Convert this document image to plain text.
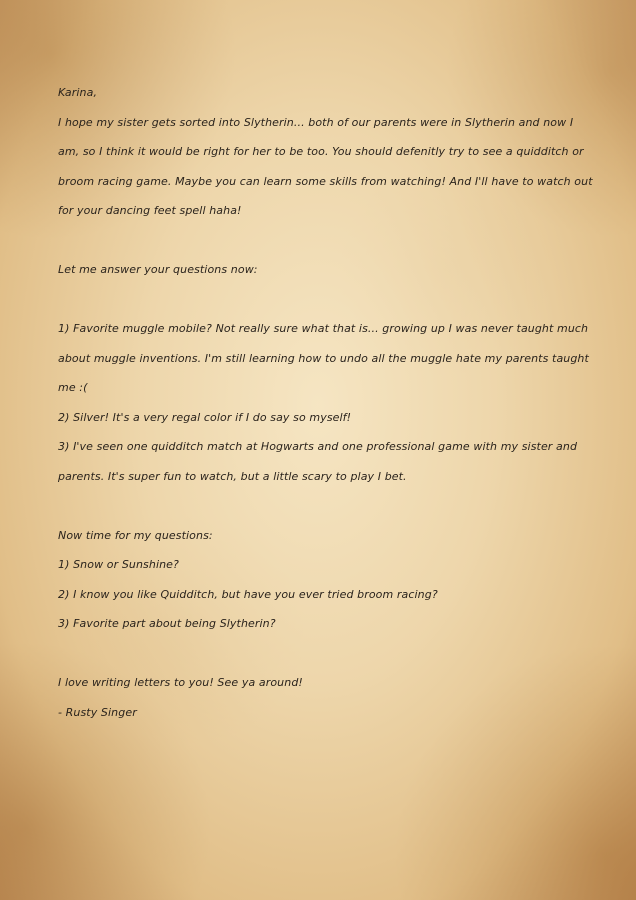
Karina,

I hope my sister gets sorted into Slytherin... both of our parents were in Slytherin and now I am, so I think it would be right for her to be too. You should defenitly try to see a quidditch or broom racing game. Maybe you can learn some skills from watching! And I'll have to watch out for your dancing feet spell haha!

Let me answer your questions now:

1) Favorite muggle mobile? Not really sure what that is... growing up I was never taught much about muggle inventions. I'm still learning how to undo all the muggle hate my parents taught me :(

2) Silver! It's a very regal color if I do say so myself!

3) I've seen one quidditch match at Hogwarts and one professional game with my sister and parents. It's super fun to watch, but a little scary to play I bet.

Now time for my questions:

1) Snow or Sunshine?

2) I know you like Quidditch, but have you ever tried broom racing?

3) Favorite part about being Slytherin?

I love writing letters to you! See ya around!

- Rusty Singer
